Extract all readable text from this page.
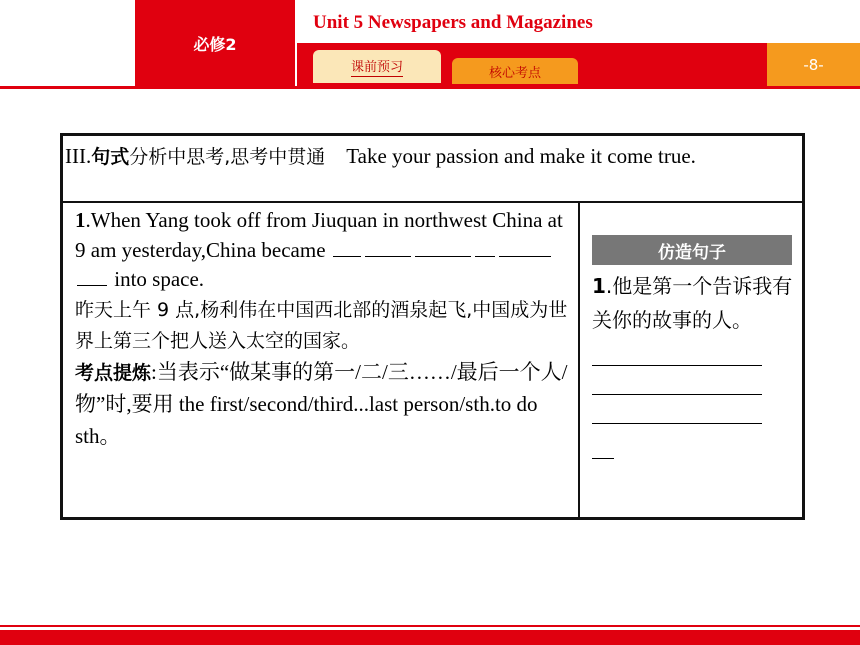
必修2
Unit 5 Newspapers and Magazines
课前预习	核心考点	-8-
III.句式分析中思考,思考中贯通 Take your passion and make it come true.
1.When Yang took off from Jiuquan in northwest China at 9 am yesterday,China became  into space.
昨天上午 9 点,杨利伟在中国西北部的酒泉起飞,中国成为世界上第三个把人送入太空的国家。
考点提炼:当表示“做某事的第一/二/三……/最后一个人/物”时,要用 the first/second/third...last person/sth.to do sth。
仿造句子
1.他是第一个告诉我有关你的故事的人。
